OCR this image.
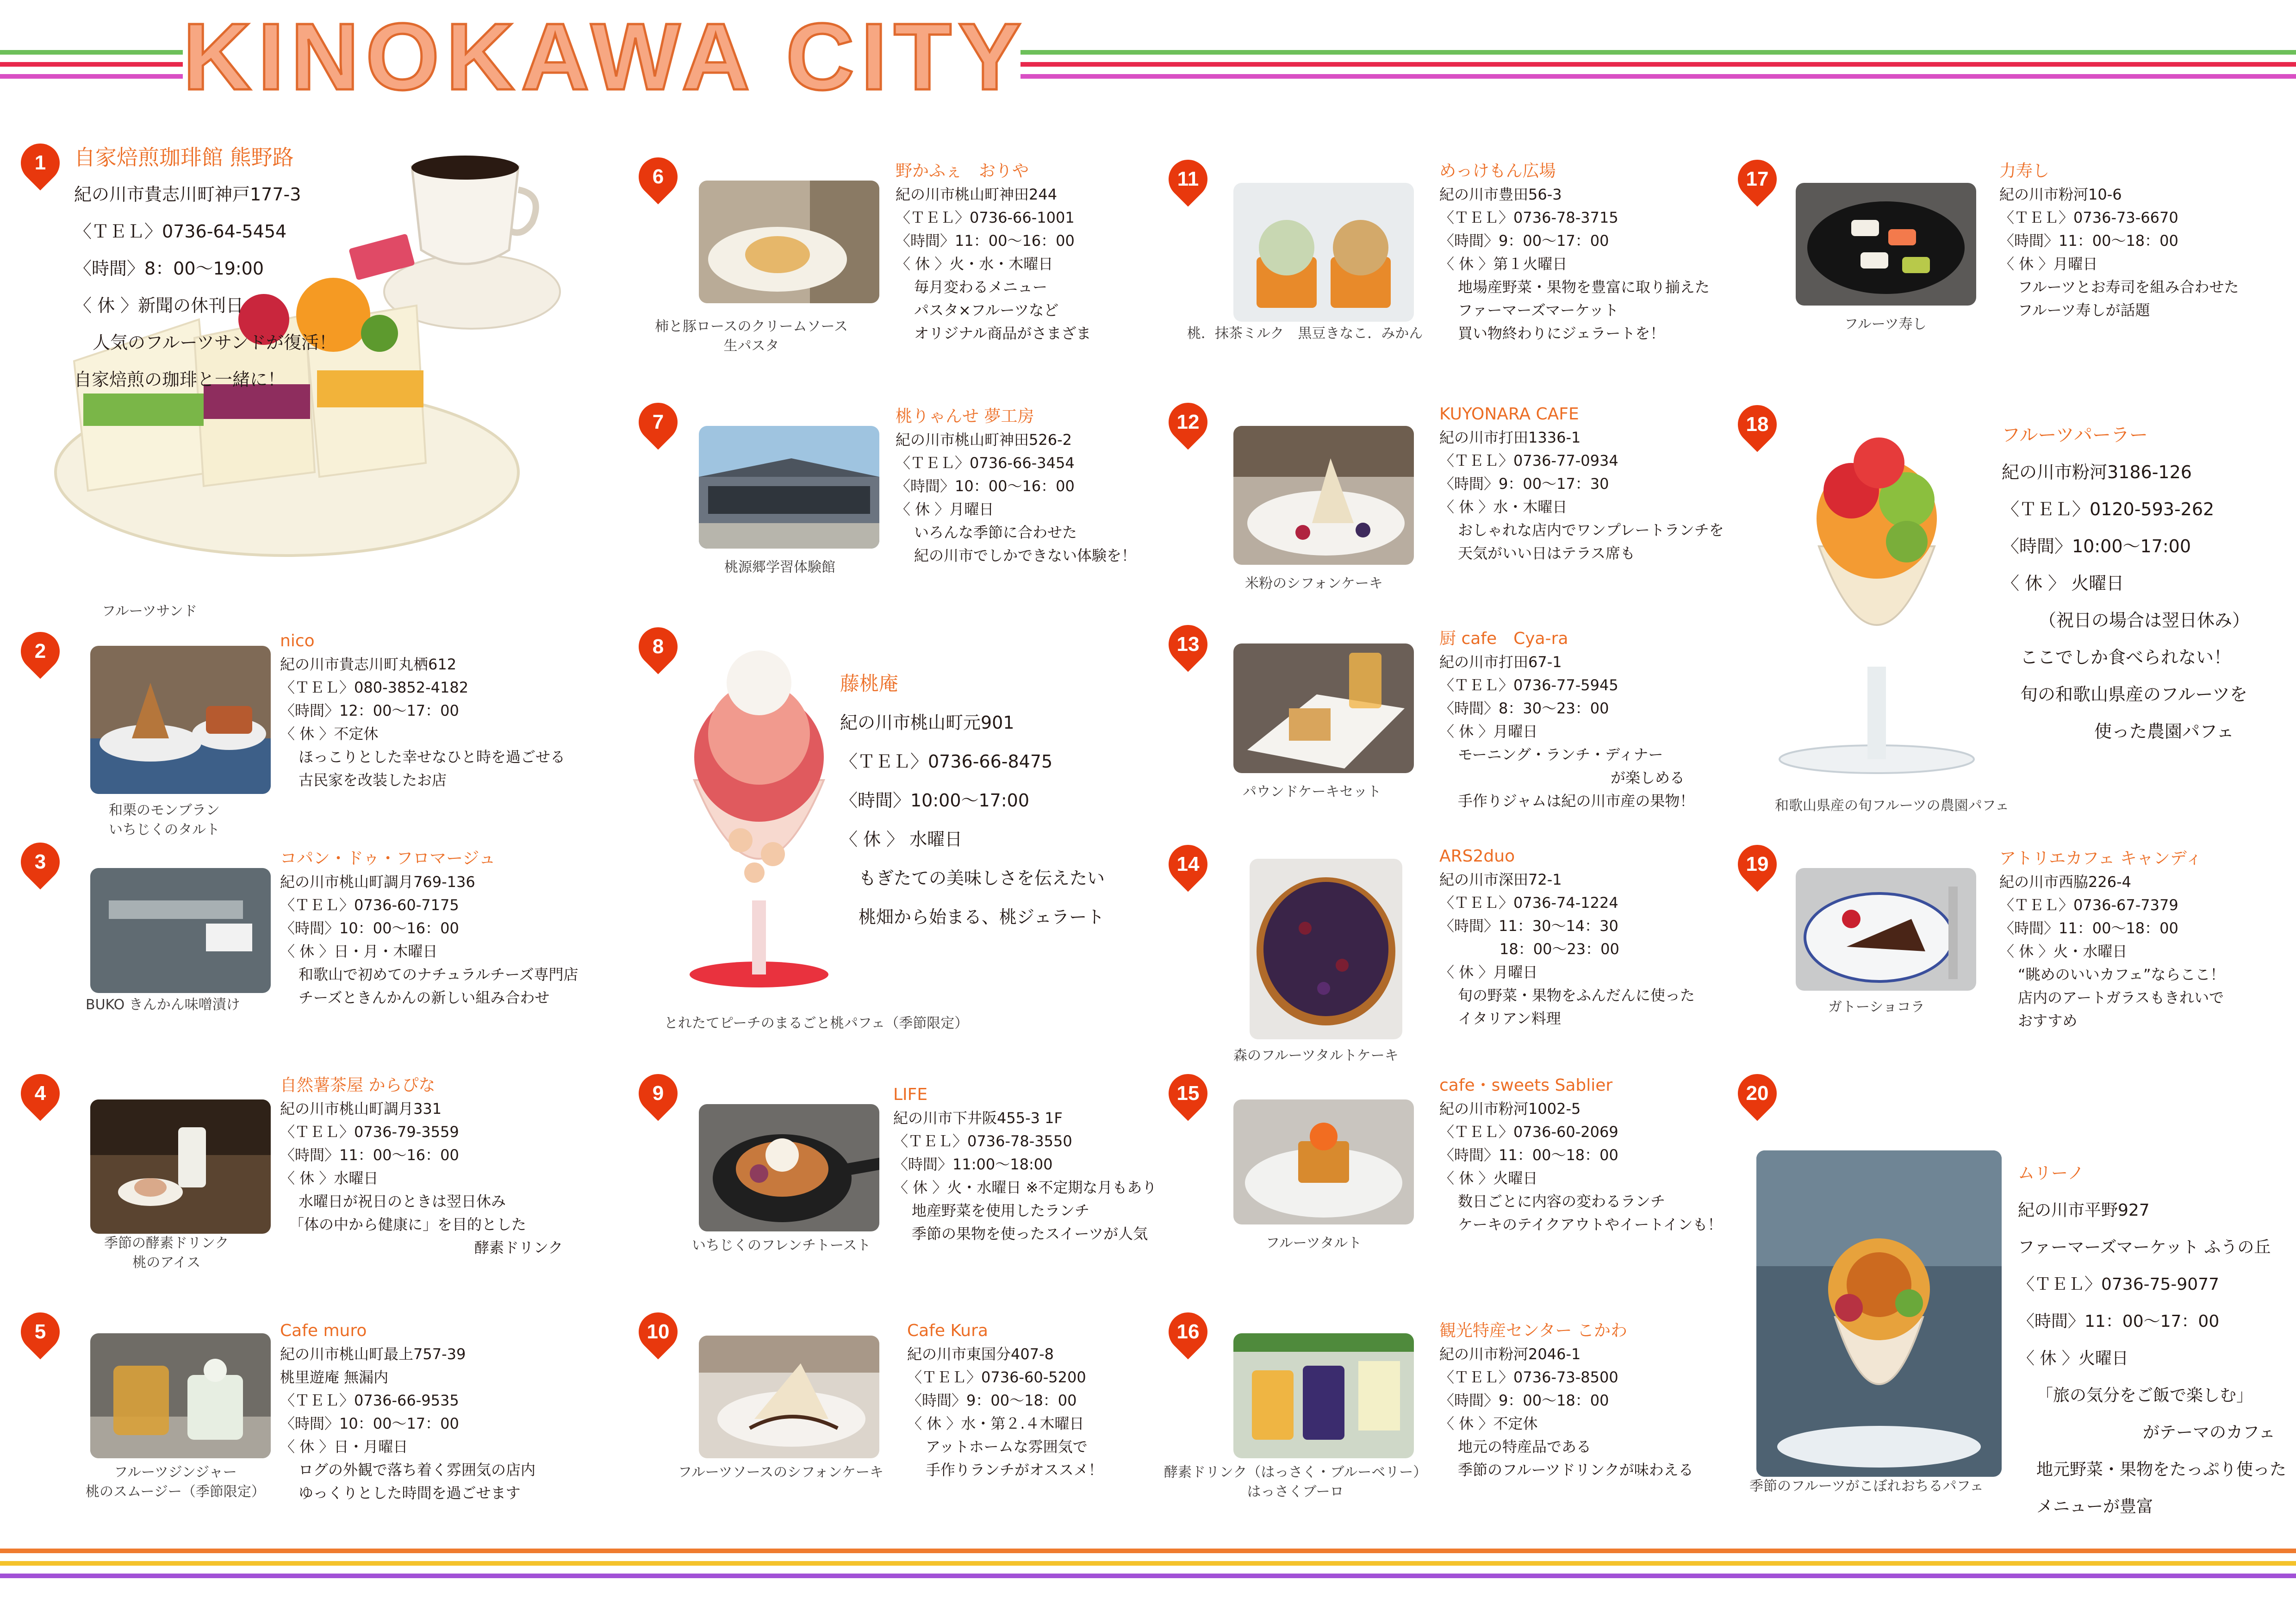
KINOKAWA CITY
1
フルーツサンド
自家焙煎珈琲館 熊野路
紀の川市貴志川町神戸177-3
〈ＴＥＬ〉0736-64-5454
〈時間〉8：00～19:00
〈 休 〉新聞の休刊日
人気のフルーツサンドが復活！
自家焙煎の珈琲と一緒に！
2
和栗のモンブラン
いちじくのタルト
nico
紀の川市貴志川町丸栖612
〈ＴＥＬ〉080-3852-4182
〈時間〉12：00～17：00
〈 休 〉不定休
ほっこりとした幸せなひと時を過ごせる
古民家を改装したお店
3
BUKO きんかん味噌漬け
コパン・ドゥ・フロマージュ
紀の川市桃山町調月769-136
〈ＴＥＬ〉0736-60-7175
〈時間〉10：00～16：00
〈 休 〉日・月・木曜日
和歌山で初めてのナチュラルチーズ専門店
チーズときんかんの新しい組み合わせ
4
季節の酵素ドリンク
桃のアイス
自然薯茶屋 からぴな
紀の川市桃山町調月331
〈ＴＥＬ〉0736-79-3559
〈時間〉11：00～16：00
〈 休 〉水曜日
水曜日が祝日のときは翌日休み
「体の中から健康に」を目的とした
酵素ドリンク
5
フルーツジンジャー
桃のスムージー（季節限定）
Cafe muro
紀の川市桃山町最上757-39
桃里遊庵 無漏内
〈ＴＥＬ〉0736-66-9535
〈時間〉10：00～17：00
〈 休 〉日・月曜日
ログの外観で落ち着く雰囲気の店内
ゆっくりとした時間を過ごせます
6
柿と豚ロースのクリームソース
生パスタ
野かふぇ　おりや
紀の川市桃山町神田244
〈ＴＥＬ〉0736-66-1001
〈時間〉11：00～16：00
〈 休 〉火・水・木曜日
毎月変わるメニュー
パスタ×フルーツなど
オリジナル商品がさまざま
7
桃源郷学習体験館
桃りゃんせ 夢工房
紀の川市桃山町神田526-2
〈ＴＥＬ〉0736-66-3454
〈時間〉10：00～16：00
〈 休 〉月曜日
いろんな季節に合わせた
紀の川市でしかできない体験を！
8
とれたてピーチのまるごと桃パフェ（季節限定）
藤桃庵
紀の川市桃山町元901
〈ＴＥＬ〉0736-66-8475
〈時間〉10:00～17:00
〈 休 〉 水曜日
もぎたての美味しさを伝えたい
桃畑から始まる、桃ジェラート
9
いちじくのフレンチトースト
LIFE
紀の川市下井阪455-3 1F
〈ＴＥＬ〉0736-78-3550
〈時間〉11:00～18:00
〈 休 〉火・水曜日 ※不定期な月もあり
地産野菜を使用したランチ
季節の果物を使ったスイーツが人気
10
フルーツソースのシフォンケーキ
Cafe Kura
紀の川市東国分407-8
〈ＴＥＬ〉0736-60-5200
〈時間〉9：00～18：00
〈 休 〉水・第２.４木曜日
アットホームな雰囲気で
手作りランチがオススメ！
11
桃．抹茶ミルク　黒豆きなこ．みかん
めっけもん広場
紀の川市豊田56-3
〈ＴＥＬ〉0736-78-3715
〈時間〉9：00～17：00
〈 休 〉第１火曜日
地場産野菜・果物を豊富に取り揃えた
ファーマーズマーケット
買い物終わりにジェラートを！
12
米粉のシフォンケーキ
KUYONARA CAFE
紀の川市打田1336-1
〈ＴＥＬ〉0736-77-0934
〈時間〉9：00～17：30
〈 休 〉水・木曜日
おしゃれな店内でワンプレートランチを
天気がいい日はテラス席も
13
パウンドケーキセット
厨 cafe　Cya-ra
紀の川市打田67-1
〈ＴＥＬ〉0736-77-5945
〈時間〉8：30～23：00
〈 休 〉月曜日
モーニング・ランチ・ディナー
が楽しめる
手作りジャムは紀の川市産の果物！
14
森のフルーツタルトケーキ
ARS2duo
紀の川市深田72-1
〈ＴＥＬ〉0736-74-1224
〈時間〉11：30～14：30
18：00～23：00
〈 休 〉月曜日
旬の野菜・果物をふんだんに使った
イタリアン料理
15
フルーツタルト
cafe・sweets Sablier
紀の川市粉河1002-5
〈ＴＥＬ〉0736-60-2069
〈時間〉11：00～18：00
〈 休 〉火曜日
数日ごとに内容の変わるランチ
ケーキのテイクアウトやイートインも！
16
酵素ドリンク（はっさく・ブルーベリー）
はっさくブーロ
観光特産センター こかわ
紀の川市粉河2046-1
〈ＴＥＬ〉0736-73-8500
〈時間〉9：00～18：00
〈 休 〉不定休
地元の特産品である
季節のフルーツドリンクが味わえる
17
フルーツ寿し
力寿し
紀の川市粉河10-6
〈ＴＥＬ〉0736-73-6670
〈時間〉11：00～18：00
〈 休 〉月曜日
フルーツとお寿司を組み合わせた
フルーツ寿しが話題
18
和歌山県産の旬フルーツの農園パフェ
フルーツパーラー
紀の川市粉河3186-126
〈ＴＥＬ〉0120-593-262
〈時間〉10:00～17:00
〈 休 〉 火曜日
（祝日の場合は翌日休み）
ここでしか食べられない！
旬の和歌山県産のフルーツを
使った農園パフェ
19
ガトーショコラ
アトリエカフェ キャンディ
紀の川市西脇226-4
〈ＴＥＬ〉0736-67-7379
〈時間〉11：00～18：00
〈 休 〉火・水曜日
“眺めのいいカフェ”ならここ！
店内のアートガラスもきれいで
おすすめ
20
季節のフルーツがこぼれおちるパフェ
ムリーノ
紀の川市平野927
ファーマーズマーケット ふうの丘
〈ＴＥＬ〉0736-75-9077
〈時間〉11：00～17：00
〈 休 〉火曜日
「旅の気分をご飯で楽しむ」
がテーマのカフェ
地元野菜・果物をたっぷり使った
メニューが豊富
